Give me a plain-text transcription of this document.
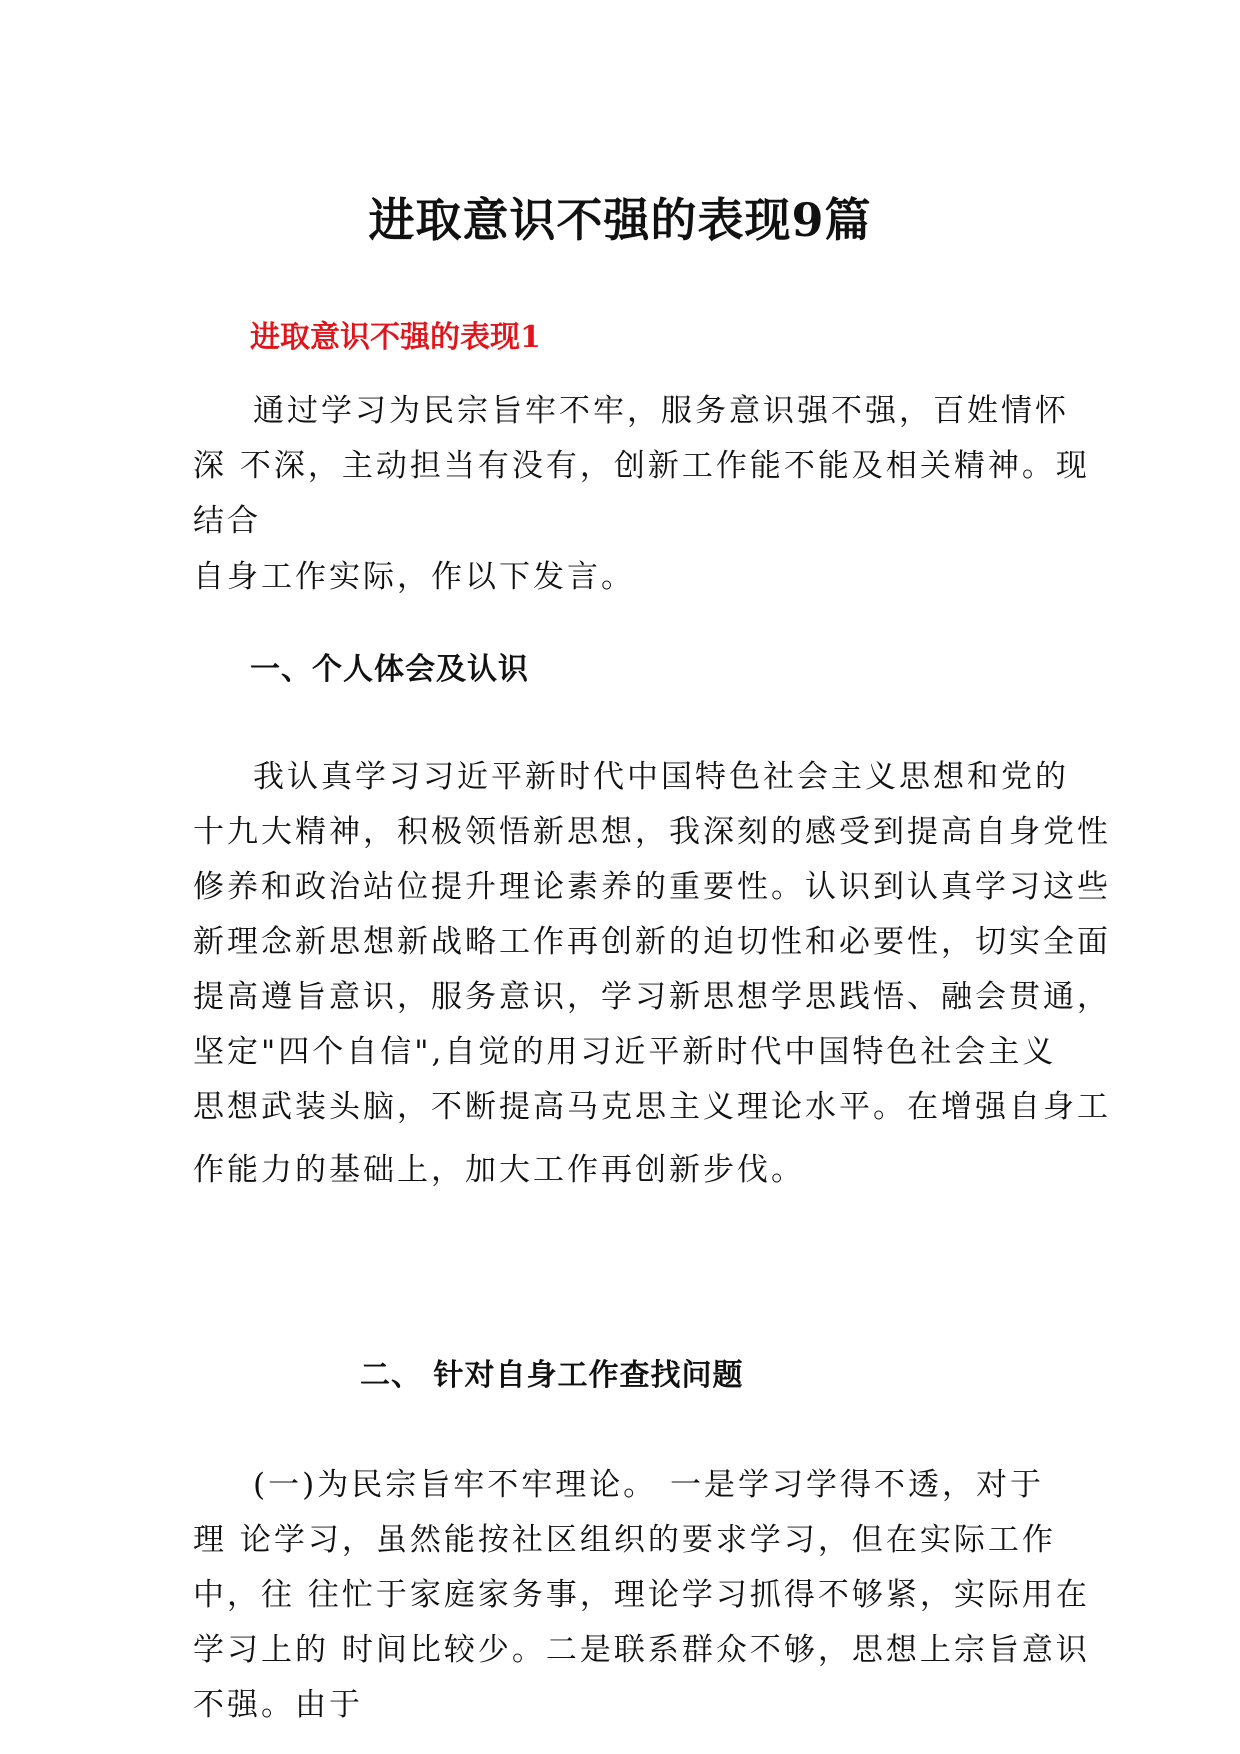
进取意识不强的表现9篇
进取意识不强的表现1
通过学习为民宗旨牢不牢，服务意识强不强，百姓情怀
深 不深，主动担当有没有，创新工作能不能及相关精神。现
结合
自身工作实际，作以下发言。
一、个人体会及认识
我认真学习习近平新时代中国特色社会主义思想和党的
十九大精神，积极领悟新思想，我深刻的感受到提高自身党性
修养和政治站位提升理论素养的重要性。认识到认真学习这些
新理念新思想新战略工作再创新的迫切性和必要性，切实全面
提高遵旨意识，服务意识，学习新思想学思践悟、融会贯通，
坚定"四个自信",自觉的用习近平新时代中国特色社会主义
思想武装头脑，不断提高马克思主义理论水平。在增强自身工
作能力的基础上，加大工作再创新步伐。
二、 针对自身工作查找问题
(一)为民宗旨牢不牢理论。 一是学习学得不透，对于
理 论学习，虽然能按社区组织的要求学习，但在实际工作
中，往 往忙于家庭家务事，理论学习抓得不够紧，实际用在
学习上的 时间比较少。二是联系群众不够，思想上宗旨意识
不强。由于
